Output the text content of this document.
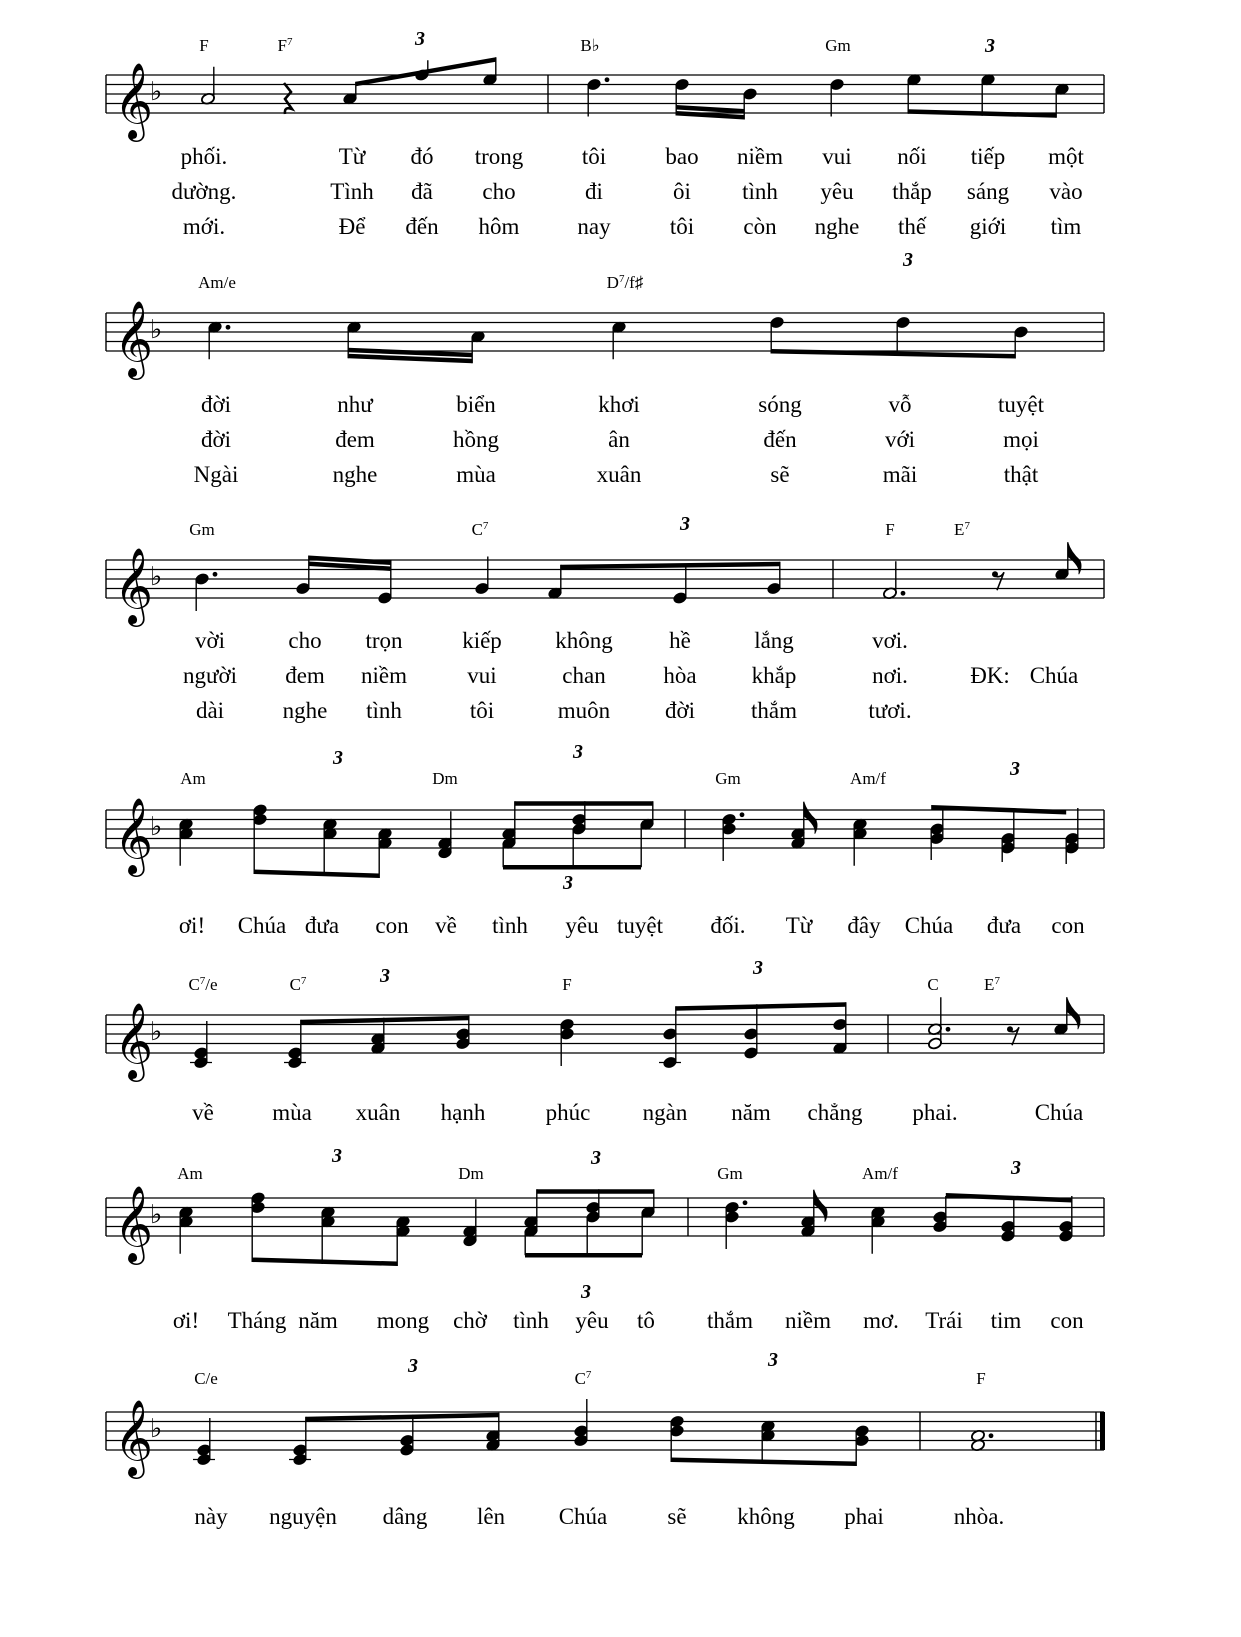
𝄞
♭
F	$F^7$	B♭	Gm
3	3
phối.	Từ đó trong	tôi	bao niềm vui nối tiếp một
dường.	Tình đã cho	đi	ôi tình yêu thắp sáng vào
mới.	Để đến hôm	nay	tôi còn nghe thế giới tìm
𝄞
♭
Am/e	$D^7/f♯$
3
đời	như	biển	khơi	sóng	vỗ	tuyệt
đời	đem	hồng	ân	đến	với	mọi
Ngài	nghe	mùa	xuân	sẽ	mãi	thật
𝄞
♭
Gm	$C^7$	F	$E^7$
3
vời	cho trọn	kiếp không hề	lắng	vơi.
người đem niềm	vui	chan	hòa khắp	nơi.	ĐK: Chúa
dài	nghe tình	tôi	muôn đời thắm	tươi.
𝄞
♭
Am	Dm	Gm	Am/f
3	3
3
3
ơi! Chúa đưa con về tình yêu tuyệt đối. Từ đây Chúa đưa con
𝄞
♭
$C^7/e$	$C^7$	F	C	$E^7$
3	3
về	mùa xuân hạnh	phúc ngàn năm chẳng phai.	Chúa
𝄞
♭
Am	Dm	Gm	Am/f
3	3
3
3
ơi! Tháng năm mong chờ tình yêu tô thắm niềm mơ. Trái tim con
𝄞
♭
C/e	$C^7$	F
3	3
này nguyện dâng lên Chúa	sẽ không phai	nhòa.
